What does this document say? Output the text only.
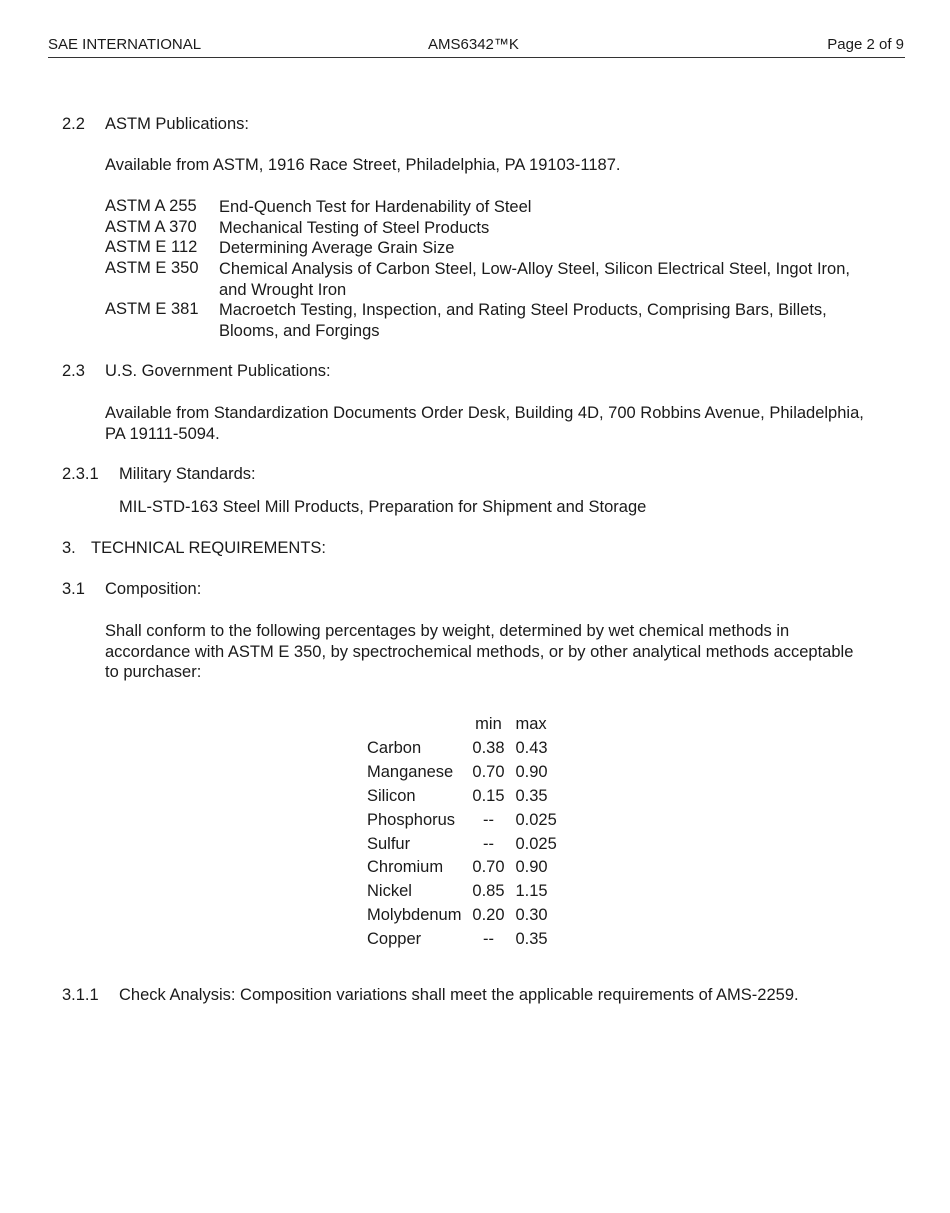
SAE INTERNATIONAL	AMS6342™K	Page 2 of 9
2.2 ASTM Publications:
Available from ASTM, 1916 Race Street, Philadelphia, PA 19103-1187.
ASTM A 255 End-Quench Test for Hardenability of Steel
ASTM A 370 Mechanical Testing of Steel Products
ASTM E 112 Determining Average Grain Size
ASTM E 350 Chemical Analysis of Carbon Steel, Low-Alloy Steel, Silicon Electrical Steel, Ingot Iron, and Wrought Iron
ASTM E 381 Macroetch Testing, Inspection, and Rating Steel Products, Comprising Bars, Billets, Blooms, and Forgings
2.3 U.S. Government Publications:
Available from Standardization Documents Order Desk, Building 4D, 700 Robbins Avenue, Philadelphia, PA 19111-5094.
2.3.1 Military Standards:
MIL-STD-163 Steel Mill Products, Preparation for Shipment and Storage
3. TECHNICAL REQUIREMENTS:
3.1 Composition:
Shall conform to the following percentages by weight, determined by wet chemical methods in accordance with ASTM E 350, by spectrochemical methods, or by other analytical methods acceptable to purchaser:
	min	max
Carbon	0.38	0.43
Manganese	0.70	0.90
Silicon	0.15	0.35
Phosphorus	--	0.025
Sulfur	--	0.025
Chromium	0.70	0.90
Nickel	0.85	1.15
Molybdenum	0.20	0.30
Copper	--	0.35
3.1.1 Check Analysis: Composition variations shall meet the applicable requirements of AMS-2259.
